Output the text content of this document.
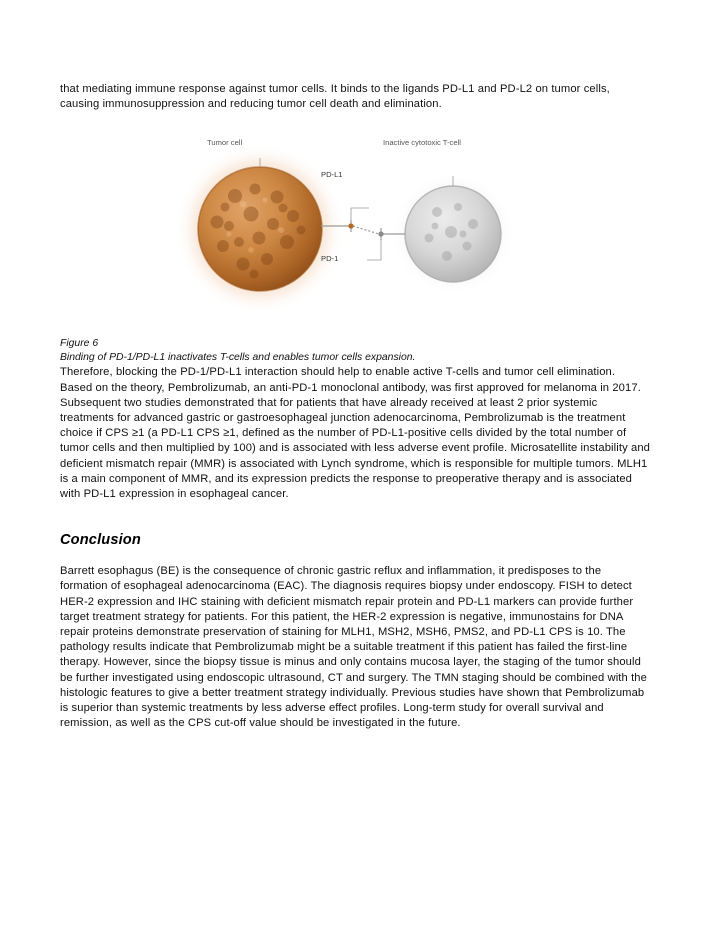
that mediating immune response against tumor cells. It binds to the ligands PD-L1 and PD-L2 on tumor cells, causing immunosuppression and reducing tumor cell death and elimination.

Tumor cell	Inactive cytotoxic T-cell
PD-L1
PD-1
Figure 6
Binding of PD-1/PD-L1 inactivates T-cells and enables tumor cells expansion.

Therefore, blocking the PD-1/PD-L1 interaction should help to enable active T-cells and tumor cell elimination. Based on the theory, Pembrolizumab, an anti-PD-1 monoclonal antibody, was first approved for melanoma in 2017. Subsequent two studies demonstrated that for patients that have already received at least 2 prior systemic treatments for advanced gastric or gastroesophageal junction adenocarcinoma, Pembrolizumab is the treatment choice if CPS ≥1 (a PD-L1 CPS ≥1, defined as the number of PD-L1-positive cells divided by the total number of tumor cells and then multiplied by 100) and is associated with less adverse event profile. Microsatellite instability and deficient mismatch repair (MMR) is associated with Lynch syndrome, which is responsible for multiple tumors. MLH1 is a main component of MMR, and its expression predicts the response to preoperative therapy and is associated with PD-L1 expression in esophageal cancer.

Conclusion

Barrett esophagus (BE) is the consequence of chronic gastric reflux and inflammation, it predisposes to the formation of esophageal adenocarcinoma (EAC). The diagnosis requires biopsy under endoscopy. FISH to detect HER-2 expression and IHC staining with deficient mismatch repair protein and PD-L1 markers can provide further target treatment strategy for patients. For this patient, the HER-2 expression is negative, immunostains for DNA repair proteins demonstrate preservation of staining for MLH1, MSH2, MSH6, PMS2, and PD-L1 CPS is 10. The pathology results indicate that Pembrolizumab might be a suitable treatment if this patient has failed the first-line therapy. However, since the biopsy tissue is minus and only contains mucosa layer, the staging of the tumor should be further investigated using endoscopic ultrasound, CT and surgery. The TMN staging should be combined with the histologic features to give a better treatment strategy individually. Previous studies have shown that Pembrolizumab is superior than systemic treatments by less adverse effect profiles. Long-term study for overall survival and remission, as well as the CPS cut-off value should be investigated in the future.
